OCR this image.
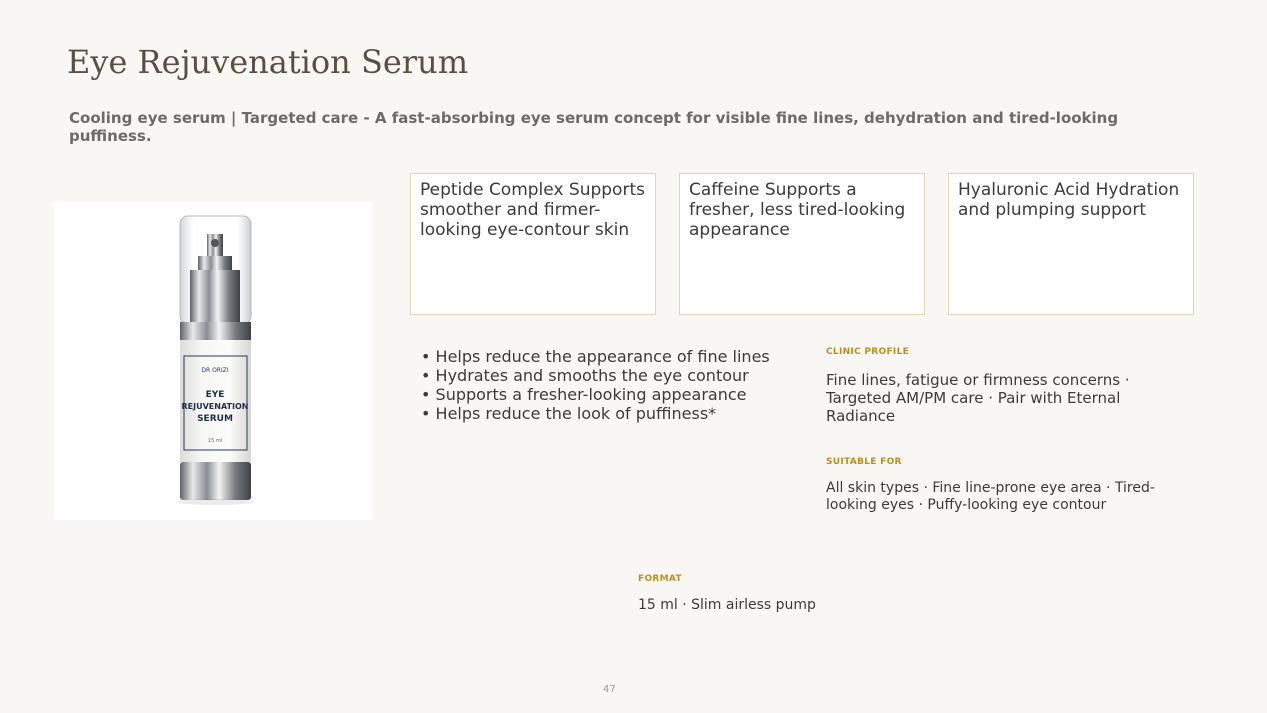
Eye Rejuvenation Serum
Cooling eye serum | Targeted care - A fast-absorbing eye serum concept for visible fine lines, dehydration and tired-looking puffiness.
DR ORIZI
EYE
REJUVENATION
SERUM
15 ml
Peptide Complex Supports smoother and firmer-looking eye-contour skin
Caffeine Supports a fresher, less tired-looking appearance
Hyaluronic Acid Hydration and plumping support
• Helps reduce the appearance of fine lines
• Hydrates and smooths the eye contour
• Supports a fresher-looking appearance
• Helps reduce the look of puffiness*
CLINIC PROFILE
Fine lines, fatigue or firmness concerns · Targeted AM/PM care · Pair with Eternal Radiance
SUITABLE FOR
All skin types · Fine line-prone eye area · Tired-looking eyes · Puffy-looking eye contour
FORMAT
15 ml · Slim airless pump
47
